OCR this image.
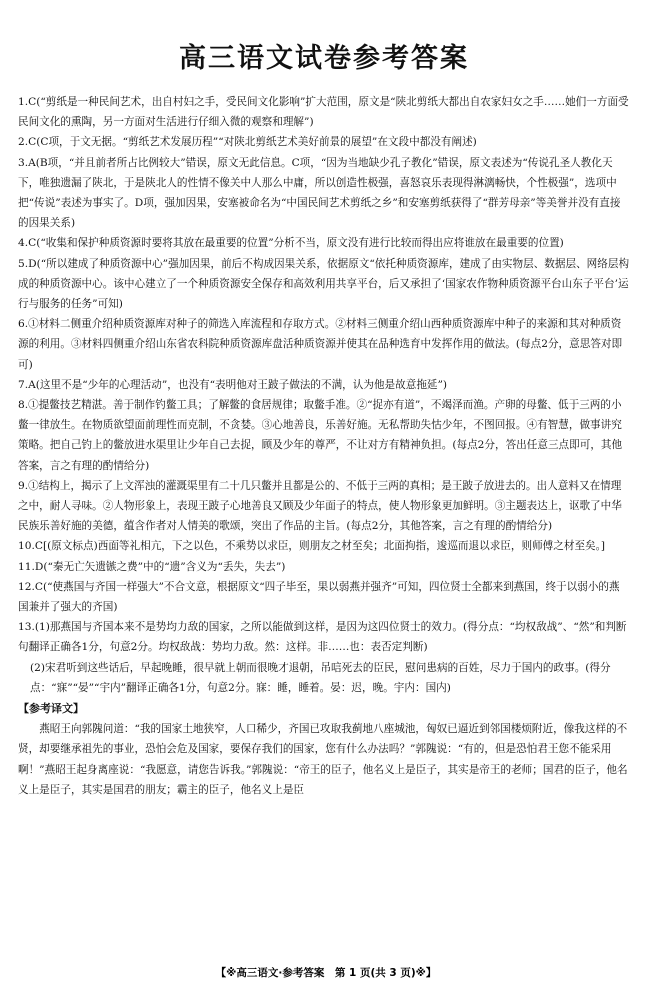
高三语文试卷参考答案

1.C(“剪纸是一种民间艺术，出自村妇之手，受民间文化影响”扩大范围，原文是“陕北剪纸大都出自农家妇女之手……她们一方面受民间文化的熏陶，另一方面对生活进行仔细入微的观察和理解”)

2.C(C项，于文无据。“剪纸艺术发展历程”“对陕北剪纸艺术美好前景的展望”在文段中都没有阐述)

3.A(B项，“并且前者所占比例较大”错误，原文无此信息。C项，“因为当地缺少孔子教化”错误，原文表述为“传说孔圣人教化天下，唯独遗漏了陕北，于是陕北人的性情不像关中人那么中庸，所以创造性极强，喜怒哀乐表现得淋漓畅快，个性极强”，选项中把“传说”表述为事实了。D项，强加因果，安塞被命名为“中国民间艺术剪纸之乡”和安塞剪纸获得了“群芳母亲”等美誉并没有直接的因果关系)

4.C(“收集和保护种质资源时要将其放在最重要的位置”分析不当，原文没有进行比较而得出应将谁放在最重要的位置)

5.D(“所以建成了种质资源中心”强加因果，前后不构成因果关系，依据原文“依托种质资源库，建成了由实物层、数据层、网络层构成的种质资源中心。该中心建立了一个种质资源安全保存和高效利用共享平台，后又承担了‘国家农作物种质资源平台山东子平台’运行与服务的任务”可知)

6.①材料二侧重介绍种质资源库对种子的筛选入库流程和存取方式。②材料三侧重介绍山西种质资源库中种子的来源和其对种质资源的利用。③材料四侧重介绍山东省农科院种质资源库盘活种质资源并使其在品种选育中发挥作用的做法。(每点2分，意思答对即可)

7.A(这里不是“少年的心理活动”，也没有“表明他对王跛子做法的不满，认为他是故意拖延”)

8.①提鳖技艺精湛。善于制作钓鳖工具；了解鳖的食居规律；取鳖手准。②“捉亦有道”，不竭泽而渔。产卵的母鳖、低于三两的小鳖一律放生。在物质欲望面前理性而克制，不贪婪。③心地善良，乐善好施。无私帮助失怙少年，不图回报。④有智慧，做事讲究策略。把自己钓上的鳖放进水渠里让少年自己去捉，顾及少年的尊严，不让对方有精神负担。(每点2分，答出任意三点即可，其他答案，言之有理的酌情给分)

9.①结构上，揭示了上文浑浊的灌溉渠里有二十几只鳖并且都是公的、不低于三两的真相；是王跛子放进去的。出人意料又在情理之中，耐人寻味。②人物形象上，表现王跛子心地善良又顾及少年面子的特点，使人物形象更加鲜明。③主题表达上，讴歌了中华民族乐善好施的美德，蕴含作者对人情美的歌颂，突出了作品的主旨。(每点2分，其他答案，言之有理的酌情给分)

10.C[(原文标点)西面等礼相亢，下之以色，不乘势以求臣，则朋友之材至矣；北面拘指，逡巡而退以求臣，则师傅之材至矣。]

11.D(“秦无亡矢遗镞之费”中的“遗”含义为“丢失，失去”)

12.C(“使燕国与齐国一样强大”不合文意，根据原文“四子毕至，果以弱燕并强齐”可知，四位贤士全都来到燕国，终于以弱小的燕国兼并了强大的齐国)

13.(1)那燕国与齐国本来不是势均力敌的国家，之所以能做到这样，是因为这四位贤士的效力。(得分点：“均权敌战”、“然”和判断句翻译正确各1分，句意2分。均权敌战：势均力敌。然：这样。非……也：表否定判断)

(2)宋君听到这些话后，早起晚睡，很早就上朝而很晚才退朝，吊唁死去的臣民，慰问患病的百姓，尽力于国内的政事。(得分点：“寐”“晏”“宇内”翻译正确各1分，句意2分。寐：睡，睡着。晏：迟，晚。宇内：国内)

【参考译文】

燕昭王向郭隗问道：“我的国家土地狭窄，人口稀少，齐国已攻取我蓟地八座城池，匈奴已逼近到邻国楼烦附近，像我这样的不贤，却要继承祖先的事业，恐怕会危及国家，要保存我们的国家，您有什么办法吗？”郭隗说：“有的，但是恐怕君王您不能采用啊！”燕昭王起身离座说：“我愿意，请您告诉我。”郭隗说：“帝王的臣子，他名义上是臣子，其实是帝王的老师；国君的臣子，他名义上是臣子，其实是国君的朋友；霸主的臣子，他名义上是臣

【※高三语文·参考答案　第 1 页(共 3 页)※】
